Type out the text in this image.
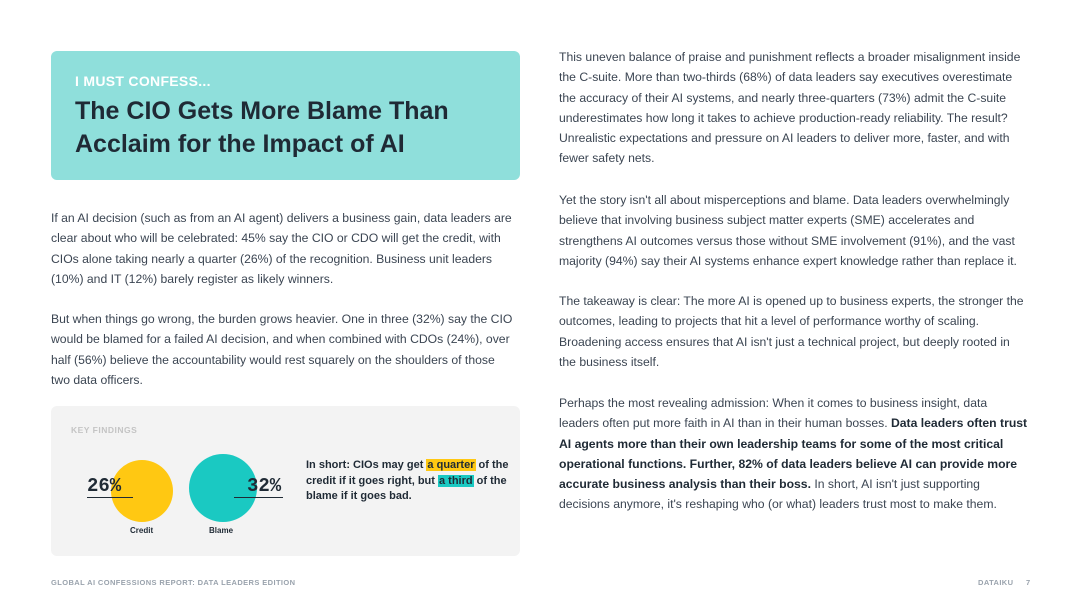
I MUST CONFESS...
The CIO Gets More Blame Than Acclaim for the Impact of AI

If an AI decision (such as from an AI agent) delivers a business gain, data leaders are clear about who will be celebrated: 45% say the CIO or CDO will get the credit, with CIOs alone taking nearly a quarter (26%) of the recognition. Business unit leaders (10%) and IT (12%) barely register as likely winners.

But when things go wrong, the burden grows heavier. One in three (32%) say the CIO would be blamed for a failed AI decision, and when combined with CDOs (24%), over half (56%) believe the accountability would rest squarely on the shoulders of those two data officers.

KEY FINDINGS
26%	32%
Credit	Blame
In short: CIOs may get a quarter of the credit if it goes right, but a third of the blame if it goes bad.

This uneven balance of praise and punishment reflects a broader misalignment inside the C-suite. More than two-thirds (68%) of data leaders say executives overestimate the accuracy of their AI systems, and nearly three-quarters (73%) admit the C-suite underestimates how long it takes to achieve production-ready reliability. The result? Unrealistic expectations and pressure on AI leaders to deliver more, faster, and with fewer safety nets.

Yet the story isn't all about misperceptions and blame. Data leaders overwhelmingly believe that involving business subject matter experts (SME) accelerates and strengthens AI outcomes versus those without SME involvement (91%), and the vast majority (94%) say their AI systems enhance expert knowledge rather than replace it.

The takeaway is clear: The more AI is opened up to business experts, the stronger the outcomes, leading to projects that hit a level of performance worthy of scaling. Broadening access ensures that AI isn't just a technical project, but deeply rooted in the business itself.

Perhaps the most revealing admission: When it comes to business insight, data leaders often put more faith in AI than in their human bosses. Data leaders often trust AI agents more than their own leadership teams for some of the most critical operational functions. Further, 82% of data leaders believe AI can provide more accurate business analysis than their boss. In short, AI isn't just supporting decisions anymore, it's reshaping who (or what) leaders trust most to make them.

GLOBAL AI CONFESSIONS REPORT: DATA LEADERS EDITION	DATAIKU 7
